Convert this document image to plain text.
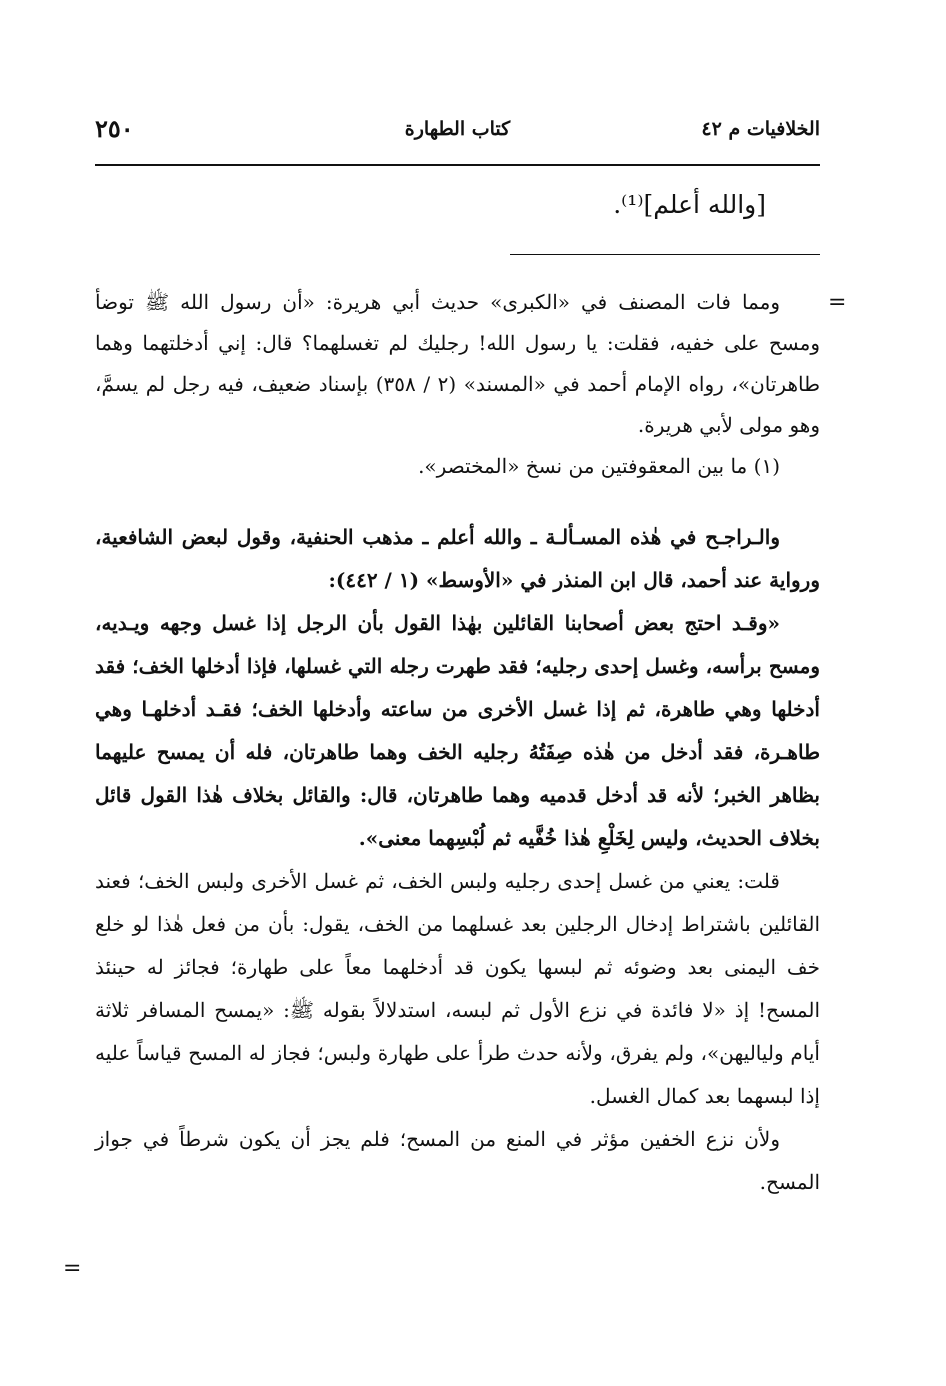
٢٥٠	كتاب الطهارة	الخلافيات م ٤٢
[والله أعلم]⁽¹⁾.
=

ومما فات المصنف في «الكبرى» حديث أبي هريرة: «أن رسول الله ﷺ توضأ ومسح على خفيه، فقلت: يا رسول الله! رجليك لم تغسلهما؟ قال: إني أدخلتهما وهما طاهرتان»، رواه الإمام أحمد في «المسند» (٢ / ٣٥٨) بإسناد ضعيف، فيه رجل لم يسمَّ، وهو مولى لأبي هريرة.

(١) ما بين المعقوفتين من نسخ «المختصر».

والـراجـح في هٰذه المسـألـة ـ والله أعلم ـ مذهب الحنفية، وقول لبعض الشافعية، ورواية عند أحمد، قال ابن المنذر في «الأوسط» (١ / ٤٤٢):

«وقـد احتج بعض أصحابنا القائلين بهٰذا القول بأن الرجل إذا غسل وجهه ويـديه، ومسح برأسه، وغسل إحدى رجليه؛ فقد طهرت رجله التي غسلها، فإذا أدخلها الخف؛ فقد أدخلها وهي طاهرة، ثم إذا غسل الأخرى من ساعته وأدخلها الخف؛ فقـد أدخلهـا وهي طاهـرة، فقد أدخل من هٰذه صِفَتُهُ رجليه الخف وهما طاهرتان، فله أن يمسح عليهما بظاهر الخبر؛ لأنه قد أدخل قدميه وهما طاهرتان، قال: والقائل بخلاف هٰذا القول قائل بخلاف الحديث، وليس لِخَلْعِ هٰذا خُفَّيه ثم لُبْسِهما معنى».

قلت: يعني من غسل إحدى رجليه ولبس الخف، ثم غسل الأخرى ولبس الخف؛ فعند القائلين باشتراط إدخال الرجلين بعد غسلهما من الخف، يقول: بأن من فعل هٰذا لو خلع خف اليمنى بعد وضوئه ثم لبسها يكون قد أدخلهما معاً على طهارة؛ فجائز له حينئذ المسح! إذ «لا فائدة في نزع الأول ثم لبسه، استدلالاً بقوله ﷺ: «يمسح المسافر ثلاثة أيام ولياليهن»، ولم يفرق، ولأنه حدث طرأ على طهارة ولبس؛ فجاز له المسح قياساً عليه إذا لبسهما بعد كمال الغسل.

ولأن نزع الخفين مؤثر في المنع من المسح؛ فلم يجز أن يكون شرطاً في جواز المسح.

=
